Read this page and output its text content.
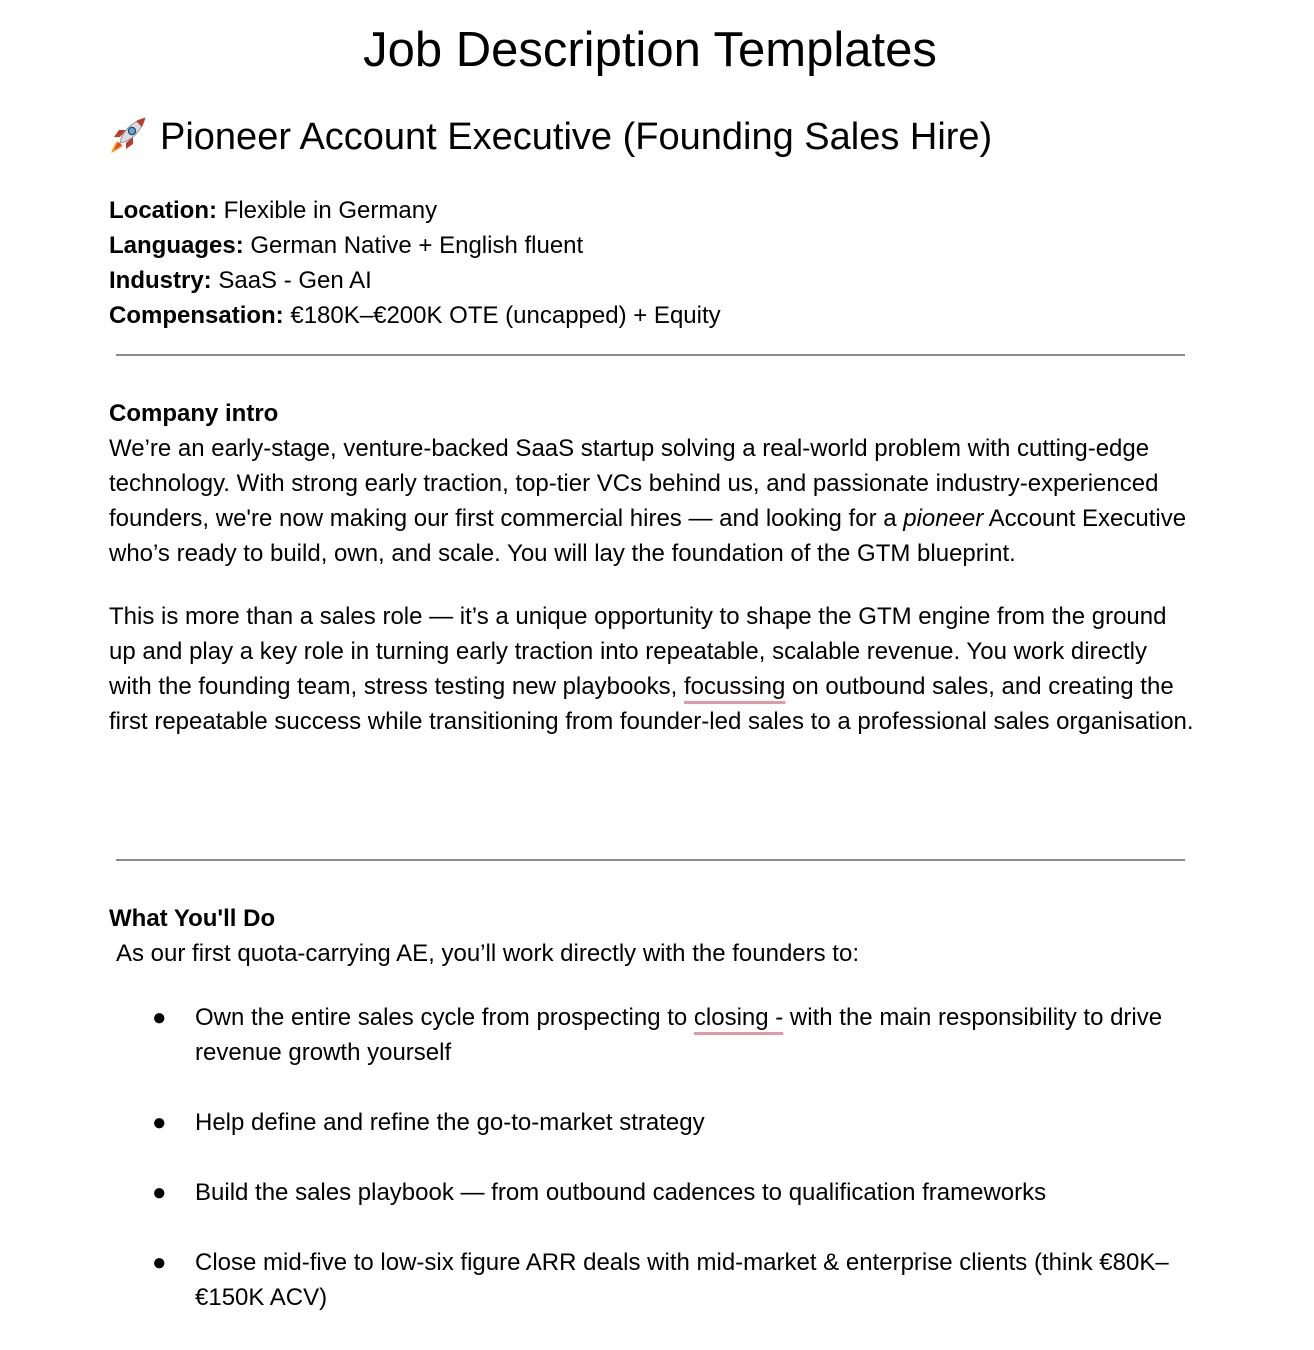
Job Description Templates
Pioneer Account Executive (Founding Sales Hire)
Location: Flexible in Germany
Languages: German Native + English fluent
Industry: SaaS - Gen AI
Compensation: €180K–€200K OTE (uncapped) + Equity
Company intro

We’re an early-stage, venture-backed SaaS startup solving a real-world problem with cutting-edge technology. With strong early traction, top-tier VCs behind us, and passionate industry-experienced founders, we're now making our first commercial hires — and looking for a pioneer Account Executive who’s ready to build, own, and scale. You will lay the foundation of the GTM blueprint.

This is more than a sales role — it’s a unique opportunity to shape the GTM engine from the ground up and play a key role in turning early traction into repeatable, scalable revenue. You work directly with the founding team, stress testing new playbooks, focussing on outbound sales, and creating the first repeatable success while transitioning from founder-led sales to a professional sales organisation.

What You'll Do
As our first quota-carrying AE, you’ll work directly with the founders to:
● Own the entire sales cycle from prospecting to closing - with the main responsibility to drive revenue growth yourself
● Help define and refine the go-to-market strategy
● Build the sales playbook — from outbound cadences to qualification frameworks
● Close mid-five to low-six figure ARR deals with mid-market & enterprise clients (think €80K–€150K ACV)
